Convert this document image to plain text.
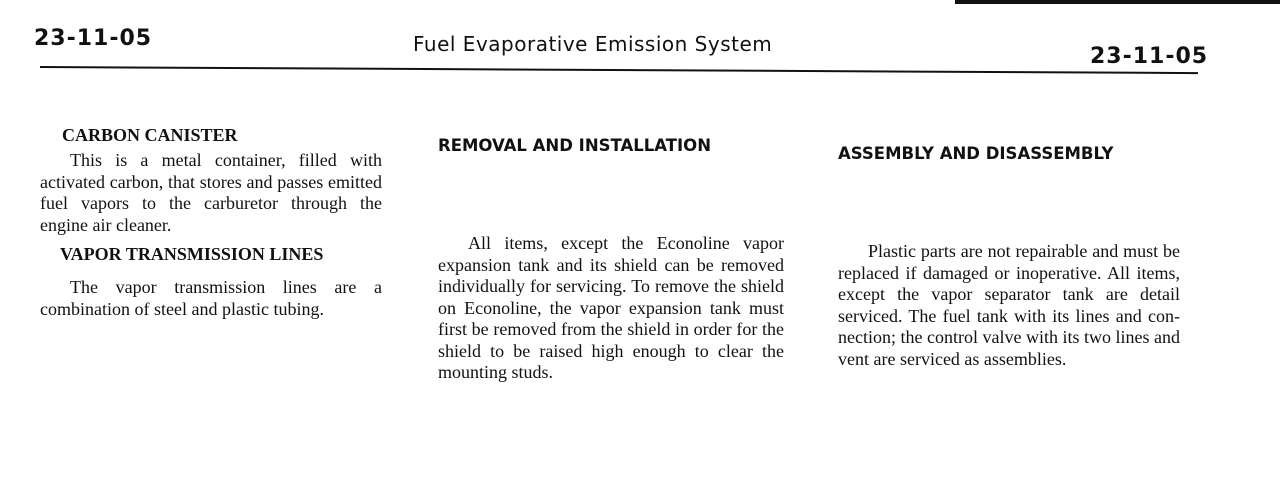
23-11-05	Fuel Evaporative Emission System	23-11-05
CARBON CANISTER

This is a metal container, filled with activated carbon, that stores and passes emitted fuel vapors to the carburetor through the engine air cleaner.

VAPOR TRANSMISSION LINES

The vapor transmission lines are a combination of steel and plastic tubing.

REMOVAL AND INSTALLATION

All items, except the Econoline vapor expansion tank and its shield can be removed individually for servicing. To remove the shield on Econoline, the vapor expansion tank must first be removed from the shield in order for the shield to be raised high enough to clear the mounting studs.

ASSEMBLY AND DISASSEMBLY

Plastic parts are not repairable and must be replaced if damaged or inoperative. All items, except the vapor separator tank are detail serviced. The fuel tank with its lines and connection; the control valve with its two lines and vent are serviced as assemblies.
